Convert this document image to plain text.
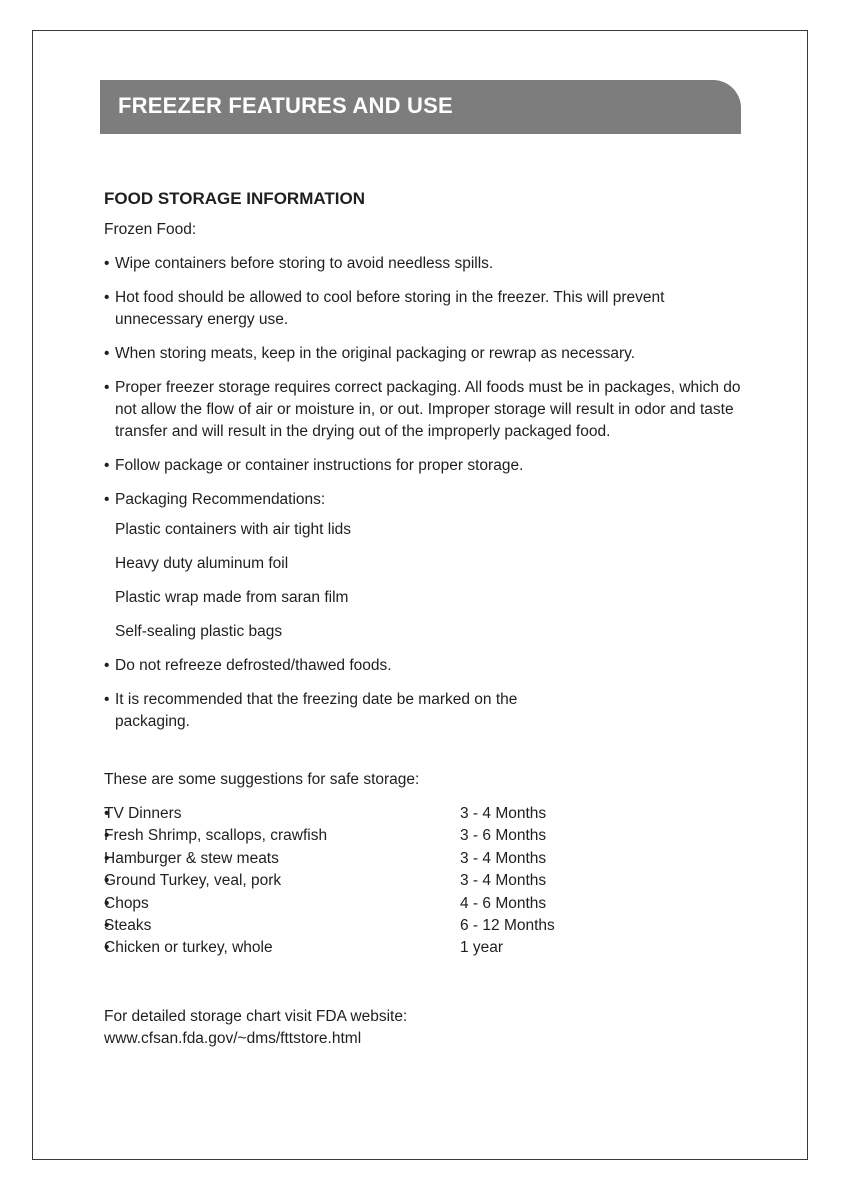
FREEZER FEATURES AND USE
FOOD STORAGE INFORMATION

Frozen Food:

• Wipe containers before storing to avoid needless spills.
• Hot food should be allowed to cool before storing in the freezer. This will prevent unnecessary energy use.
• When storing meats, keep in the original packaging or rewrap as necessary.
• Proper freezer storage requires correct packaging. All foods must be in packages, which do not allow the flow of air or moisture in, or out. Improper storage will result in odor and taste transfer and will result in the drying out of the improperly packaged food.
• Follow package or container instructions for proper storage.
• Packaging Recommendations:
Plastic containers with air tight lids
Heavy duty aluminum foil
Plastic wrap made from saran film
Self-sealing plastic bags
• Do not refreeze defrosted/thawed foods.
• It is recommended that the freezing date be marked on the packaging.

These are some suggestions for safe storage:

• TV Dinners	3 - 4 Months
• Fresh Shrimp, scallops, crawfish	3 - 6 Months
• Hamburger & stew meats	3 - 4 Months
• Ground Turkey, veal, pork	3 - 4 Months
• Chops	4 - 6 Months
• Steaks	6 - 12 Months
• Chicken or turkey, whole	1 year

For detailed storage chart visit FDA website:

www.cfsan.fda.gov/~dms/fttstore.html
